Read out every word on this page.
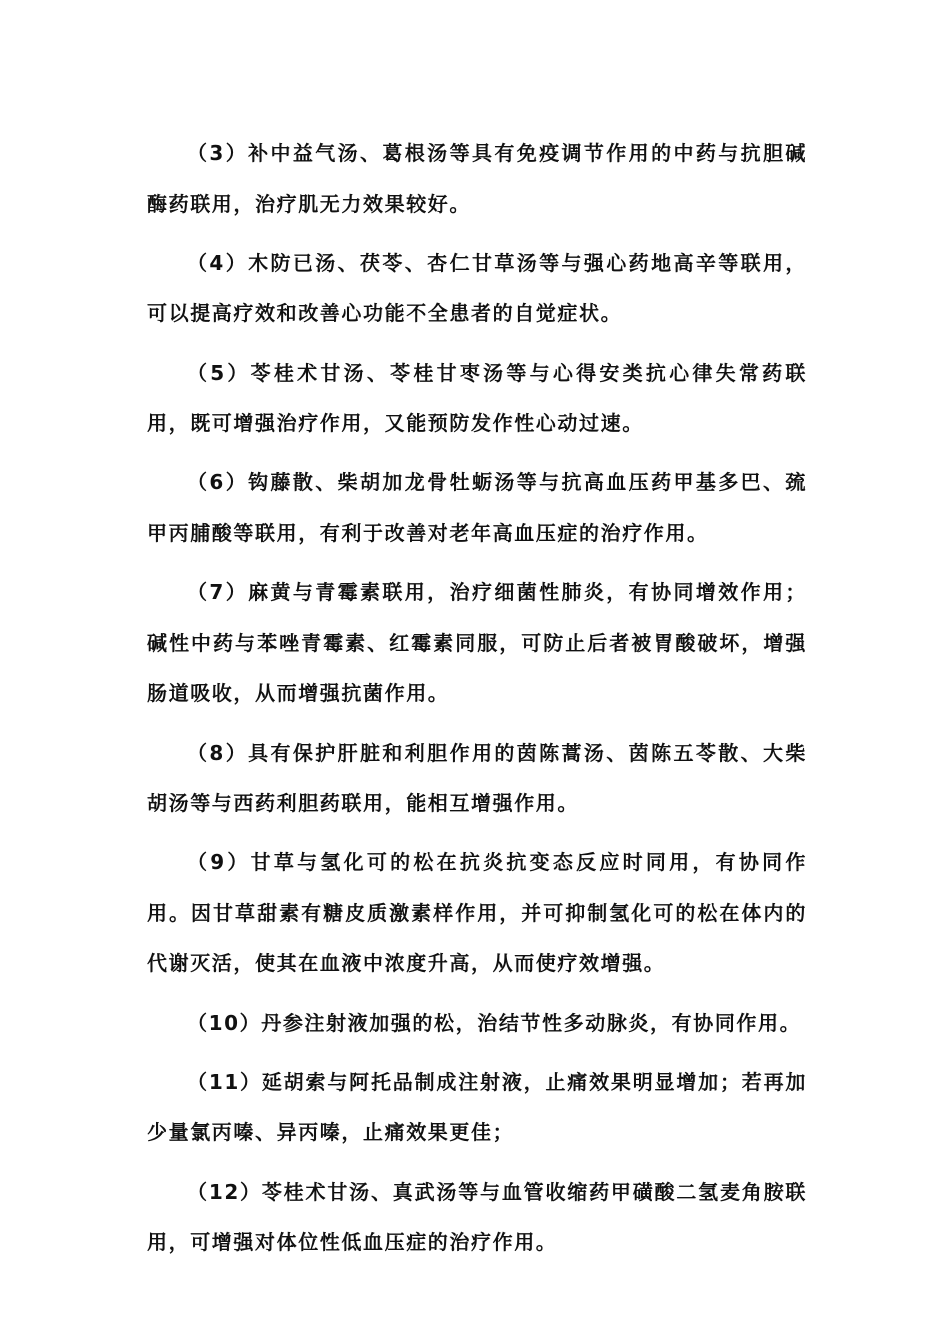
（3）补中益气汤、葛根汤等具有免疫调节作用的中药与抗胆碱酶药联用，治疗肌无力效果较好。

（4）木防已汤、茯苓、杏仁甘草汤等与强心药地高辛等联用，可以提高疗效和改善心功能不全患者的自觉症状。

（5）苓桂术甘汤、苓桂甘枣汤等与心得安类抗心律失常药联用，既可增强治疗作用，又能预防发作性心动过速。

（6）钩藤散、柴胡加龙骨牡蛎汤等与抗高血压药甲基多巴、巯甲丙脯酸等联用，有利于改善对老年高血压症的治疗作用。

（7）麻黄与青霉素联用，治疗细菌性肺炎，有协同增效作用；碱性中药与苯唑青霉素、红霉素同服，可防止后者被胃酸破坏，增强肠道吸收，从而增强抗菌作用。

（8）具有保护肝脏和利胆作用的茵陈蒿汤、茵陈五苓散、大柴胡汤等与西药利胆药联用，能相互增强作用。

（9）甘草与氢化可的松在抗炎抗变态反应时同用，有协同作用。因甘草甜素有糖皮质激素样作用，并可抑制氢化可的松在体内的代谢灭活，使其在血液中浓度升高，从而使疗效增强。

（10）丹参注射液加强的松，治结节性多动脉炎，有协同作用。

（11）延胡索与阿托品制成注射液，止痛效果明显增加；若再加少量氯丙嗪、异丙嗪，止痛效果更佳；

（12）苓桂术甘汤、真武汤等与血管收缩药甲磺酸二氢麦角胺联用，可增强对体位性低血压症的治疗作用。
